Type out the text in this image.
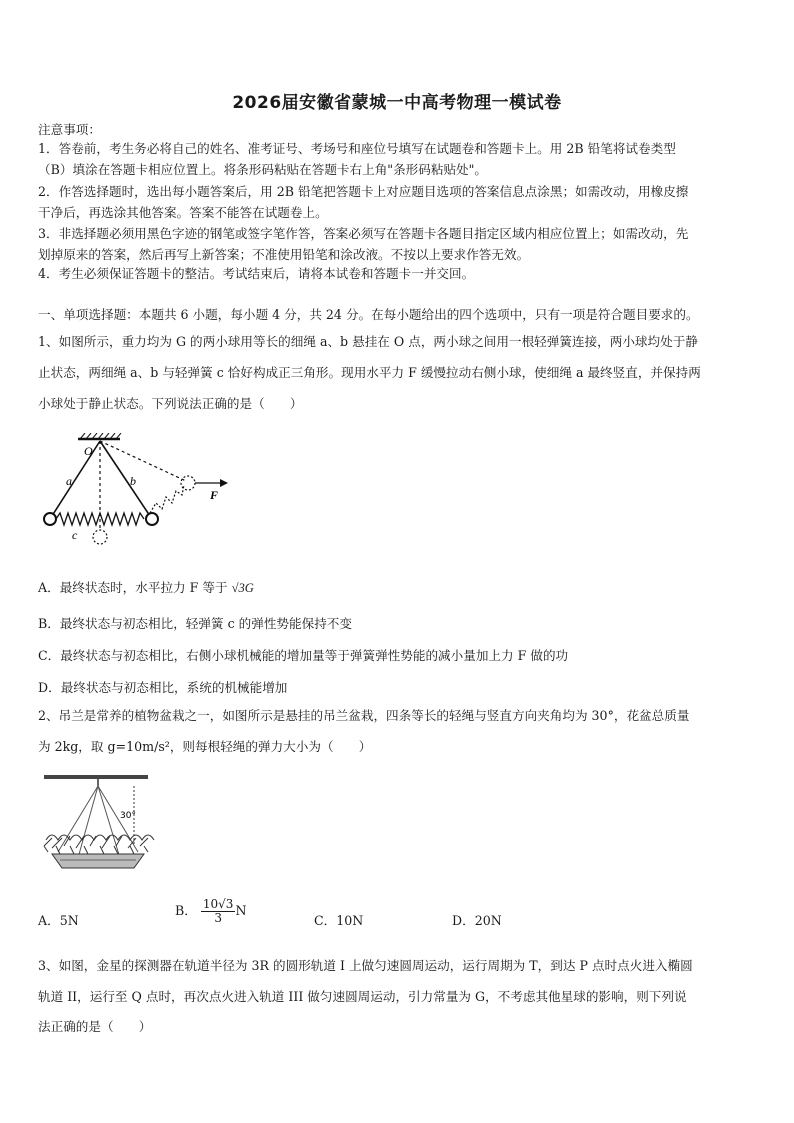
2026届安徽省蒙城一中高考物理一模试卷
注意事项：
1．答卷前，考生务必将自己的姓名、准考证号、考场号和座位号填写在试题卷和答题卡上。用 2B 铅笔将试卷类型
（B）填涂在答题卡相应位置上。将条形码粘贴在答题卡右上角"条形码粘贴处"。
2．作答选择题时，选出每小题答案后，用 2B 铅笔把答题卡上对应题目选项的答案信息点涂黑；如需改动，用橡皮擦
干净后，再选涂其他答案。答案不能答在试题卷上。
3．非选择题必须用黑色字迹的钢笔或签字笔作答，答案必须写在答题卡各题目指定区域内相应位置上；如需改动，先
划掉原来的答案，然后再写上新答案；不准使用铅笔和涂改液。不按以上要求作答无效。
4．考生必须保证答题卡的整洁。考试结束后，请将本试卷和答题卡一并交回。
一、单项选择题：本题共 6 小题，每小题 4 分，共 24 分。在每小题给出的四个选项中，只有一项是符合题目要求的。
1、如图所示，重力均为 G 的两小球用等长的细绳 a、b 悬挂在 O 点，两小球之间用一根轻弹簧连接，两小球均处于静
止状态，两细绳 a、b 与轻弹簧 c 恰好构成正三角形。现用水平力 F 缓慢拉动右侧小球，使细绳 a 最终竖直，并保持两
小球处于静止状态。下列说法正确的是（　　）
O
a	b
c
F
A．最终状态时，水平拉力 F 等于 √3G
B．最终状态与初态相比，轻弹簧 c 的弹性势能保持不变
C．最终状态与初态相比，右侧小球机械能的增加量等于弹簧弹性势能的减小量加上力 F 做的功
D．最终状态与初态相比，系统的机械能增加
2、吊兰是常养的植物盆栽之一，如图所示是悬挂的吊兰盆栽，四条等长的轻绳与竖直方向夹角均为 30°，花盆总质量
为 2kg，取 g=10m/s²，则每根轻绳的弹力大小为（　　）
30°
A．5N
B． $\frac{10√3}{3}$ N
C．10N	D．20N
3、如图，金星的探测器在轨道半径为 3R 的圆形轨道 I 上做匀速圆周运动，运行周期为 T，到达 P 点时点火进入椭圆
轨道 II，运行至 Q 点时，再次点火进入轨道 III 做匀速圆周运动，引力常量为 G，不考虑其他星球的影响，则下列说
法正确的是（　　）
